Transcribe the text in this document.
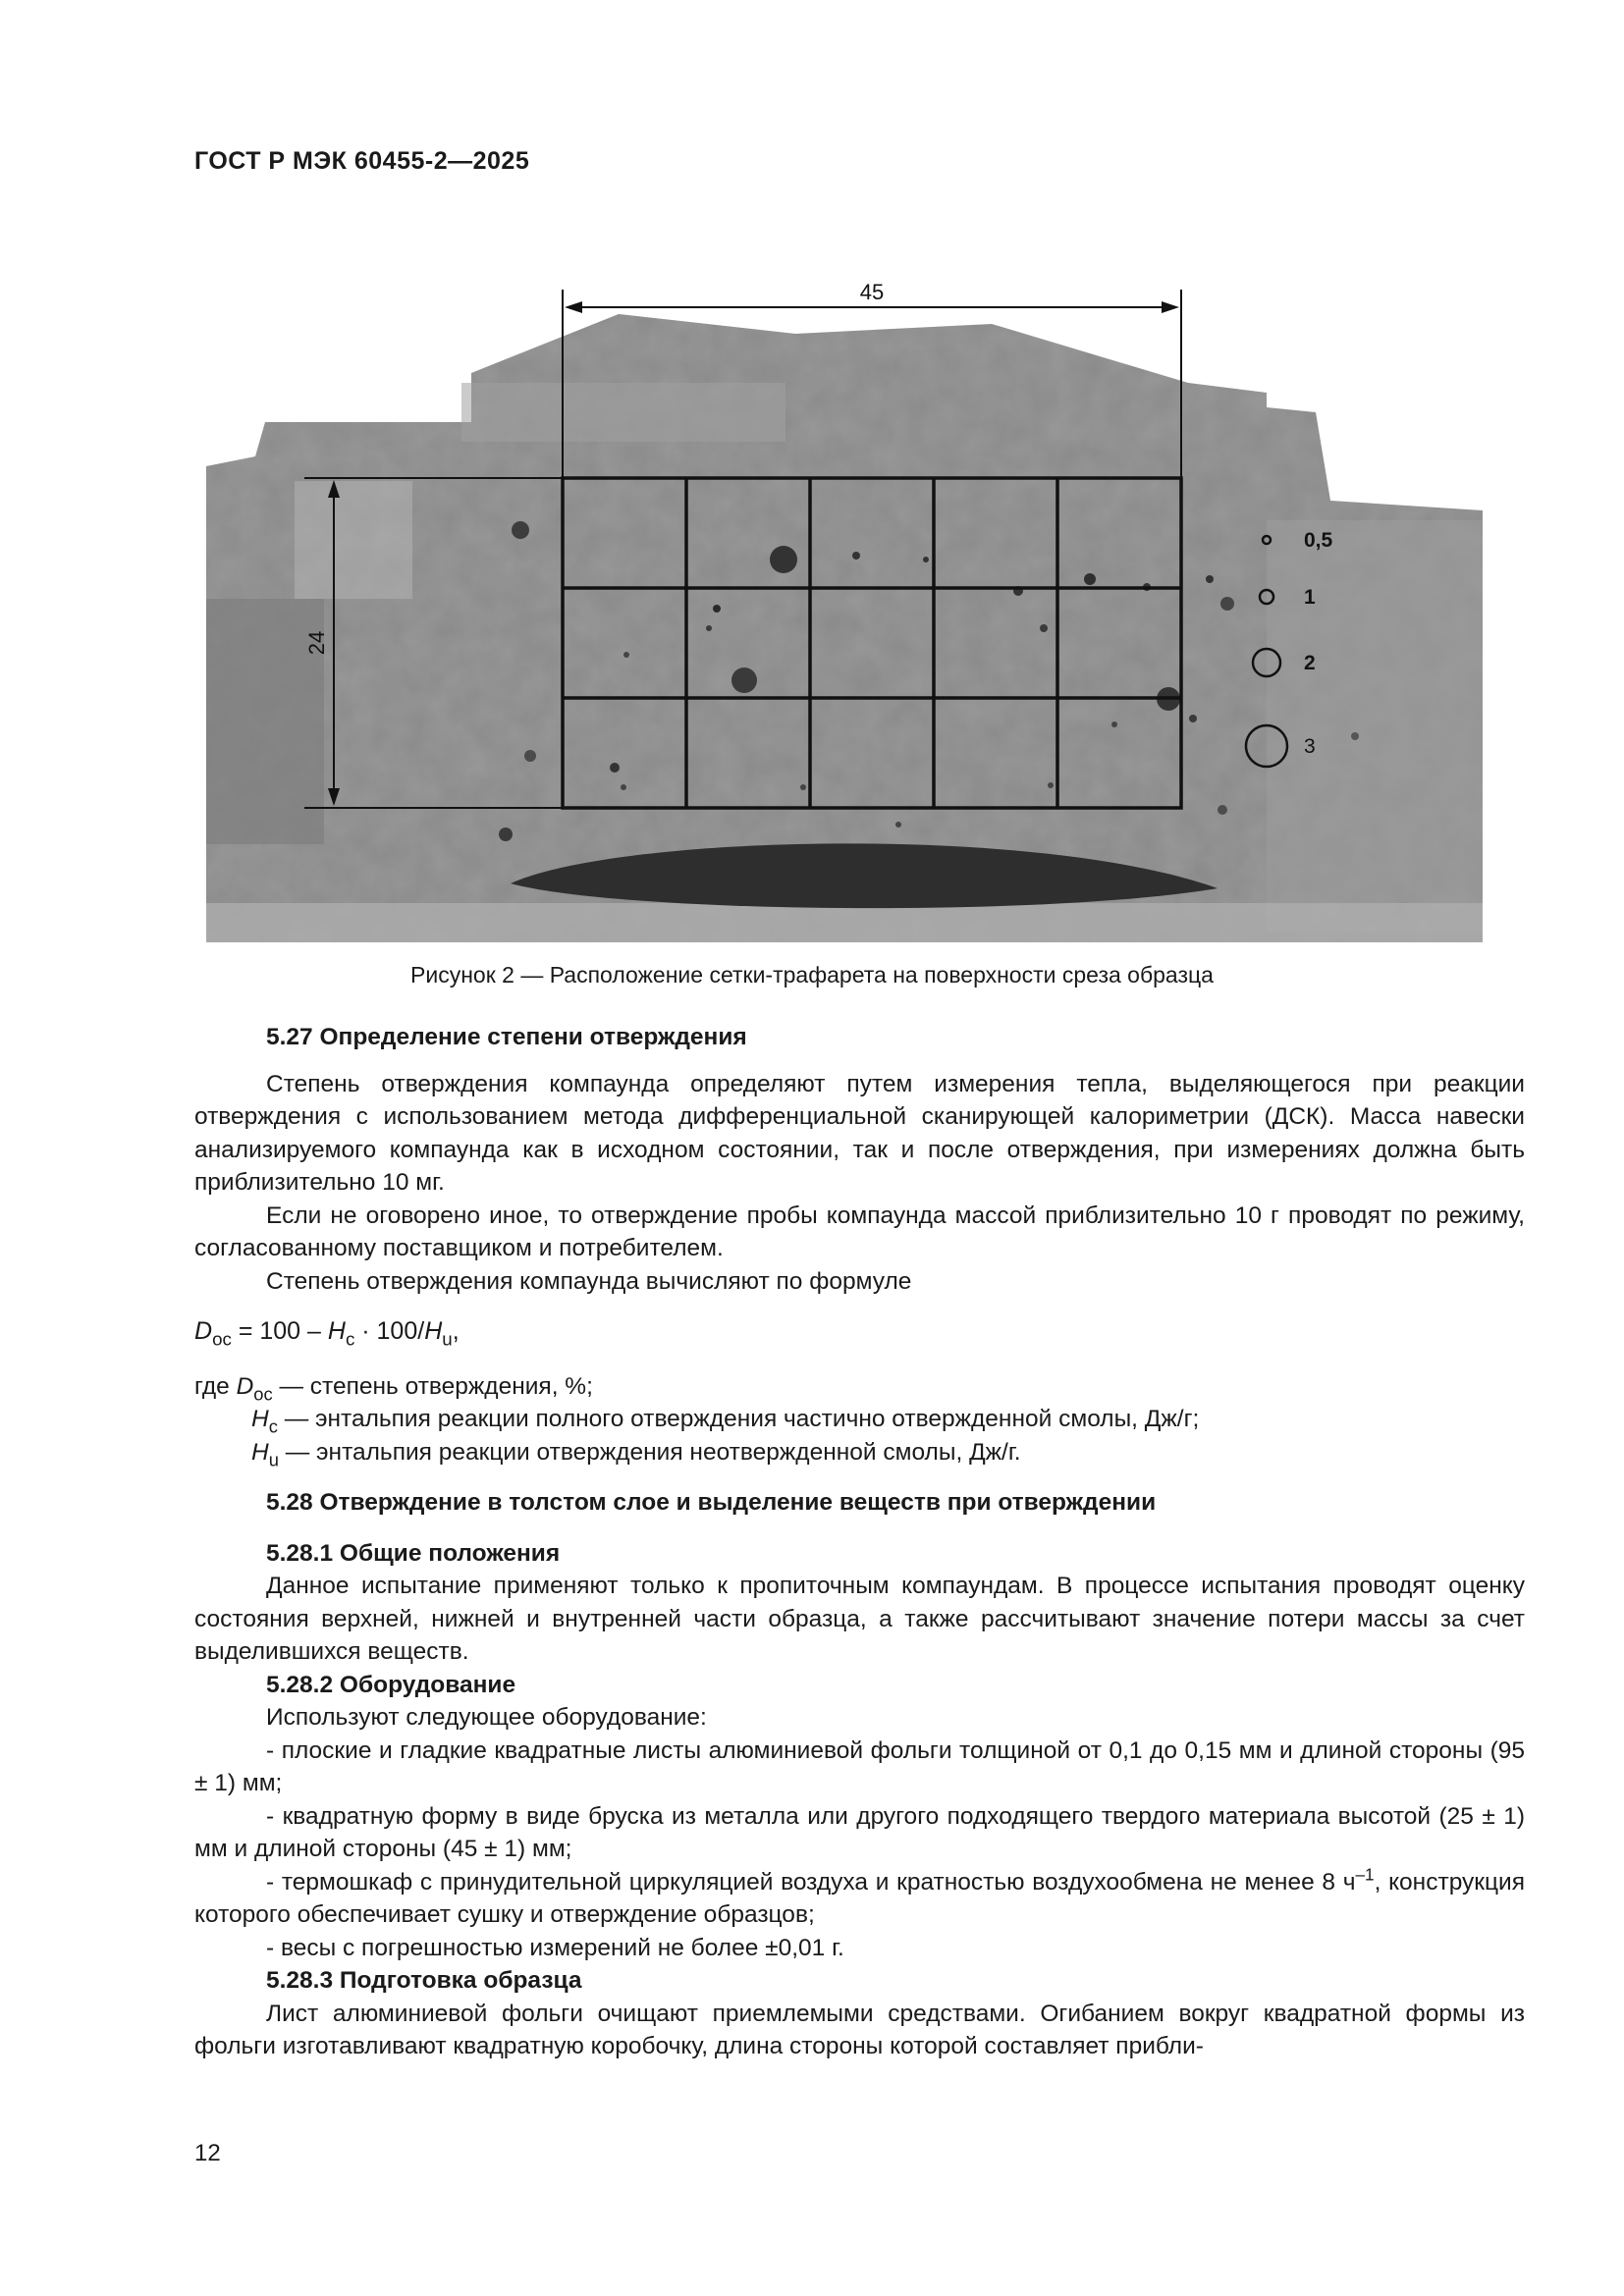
ГОСТ Р МЭК 60455-2—2025
45
24
0,5
1
2
3
Рисунок 2 — Расположение сетки-трафарета на поверхности среза образца

5.27 Определение степени отверждения

Степень отверждения компаунда определяют путем измерения тепла, выделяющегося при реакции отверждения с использованием метода дифференциальной сканирующей калориметрии (ДСК). Масса навески анализируемого компаунда как в исходном состоянии, так и после отверждения, при измерениях должна быть приблизительно 10 мг.

Если не оговорено иное, то отверждение пробы компаунда массой приблизительно 10 г проводят по режиму, согласованному поставщиком и потребителем.

Степень отверждения компаунда вычисляют по формуле

$D_{oc} = 100 - H_c \cdot 100/H_u$,

где $D_{oc}$ — степень отверждения, %;
$H_c$ — энтальпия реакции полного отверждения частично отвержденной смолы, Дж/г;
$H_u$ — энтальпия реакции отверждения неотвержденной смолы, Дж/г.

5.28 Отверждение в толстом слое и выделение веществ при отверждении

5.28.1 Общие положения

Данное испытание применяют только к пропиточным компаундам. В процессе испытания проводят оценку состояния верхней, нижней и внутренней части образца, а также рассчитывают значение потери массы за счет выделившихся веществ.

5.28.2 Оборудование

Используют следующее оборудование:

- плоские и гладкие квадратные листы алюминиевой фольги толщиной от 0,1 до 0,15 мм и длиной стороны (95 ± 1) мм;

- квадратную форму в виде бруска из металла или другого подходящего твердого материала высотой (25 ± 1) мм и длиной стороны (45 ± 1) мм;

- термошкаф с принудительной циркуляцией воздуха и кратностью воздухообмена не менее 8 $ч^{-1}$, конструкция которого обеспечивает сушку и отверждение образцов;

- весы с погрешностью измерений не более ±0,01 г.

5.28.3 Подготовка образца

Лист алюминиевой фольги очищают приемлемыми средствами. Огибанием вокруг квадратной формы из фольги изготавливают квадратную коробочку, длина стороны которой составляет прибли-

12
